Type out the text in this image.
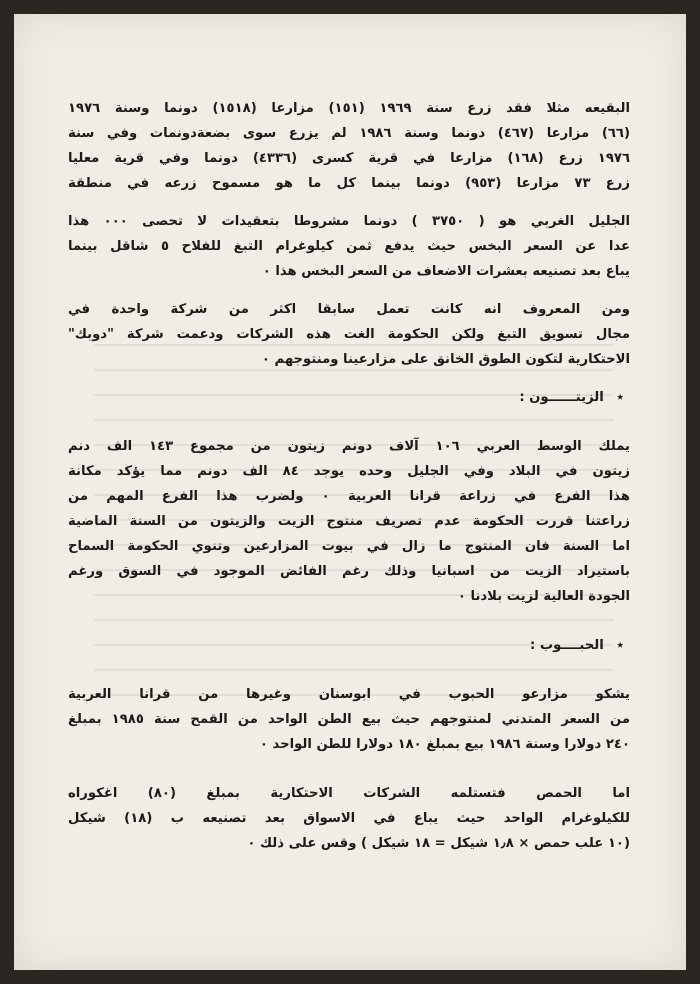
البقيعه مثلا فقد زرع سنة ١٩٦٩ (١٥١) مزارعا (١٥١٨) دونما وسنة ١٩٧٦
(٦٦) مزارعا (٤٦٧) دونما وسنة ١٩٨٦ لم يزرع سوى بضعةدونمات وفي سنة
١٩٧٦ زرع (١٦٨) مزارعا في قرية كسرى (٤٣٣٦) دونما وفي قرية معليا
زرع ٧٣ مزارعا (٩٥٣) دونما بينما كل ما هو مسموح زرعه في منطقة
الجليل الغربي هو ( ٣٧٥٠ ) دونما مشروطا بتعقيدات لا تحصى ٠٠٠ هذا
عدا عن السعر البخس حيث يدفع ثمن كيلوغرام التبغ للفلاح ٥ شاقل بينما
يباع بعد تصنيعه بعشرات الاضعاف من السعر البخس هذا ٠
ومن المعروف انه كانت تعمل سابقا اكثر من شركة واحدة في
مجال تسويق التبغ ولكن الحكومة الغت هذه الشركات ودعمت شركة "دوبك"
الاحتكارية لتكون الطوق الخانق على مزارعينا ومنتوجهم ٠
٭ الزيتــــــون :
يملك الوسط العربي ١٠٦ آلاف دونم زيتون من مجموع ١٤٣ الف دنم
زيتون في البلاد وفي الجليل وحده يوجد ٨٤ الف دونم مما يؤكد مكانة
هذا الفرع في زراعة قرانا العربية ٠ ولضرب هذا الفرع المهم من
زراعتنا قررت الحكومة عدم تصريف منتوج الزيت والزيتون من السنة الماضية
اما السنة فان المنتوج ما زال في بيوت المزارعين وتنوي الحكومة السماح
باستيراد الزيت من اسبانيا وذلك رغم الفائض الموجود في السوق ورغم
الجودة العالية لزيت بلادنا ٠
٭ الحبــــوب :
يشكو مزارعو الحبوب في ابوسنان وغيرها من قرانا العربية
من السعر المتدني لمنتوجهم حيث بيع الطن الواحد من القمح سنة ١٩٨٥ بمبلغ
٢٤٠ دولارا وسنة ١٩٨٦ بيع بمبلغ ١٨٠ دولارا للطن الواحد ٠
اما الحمص فتستلمه الشركات الاحتكارية بمبلغ (٨٠) اغكوراه
للكيلوغرام الواحد حيث يباع في الاسواق بعد تصنيعه ب (١٨) شيكل
(١٠ علب حمص × ١٫٨ شيكل = ١٨ شيكل ) وقس على ذلك ٠
